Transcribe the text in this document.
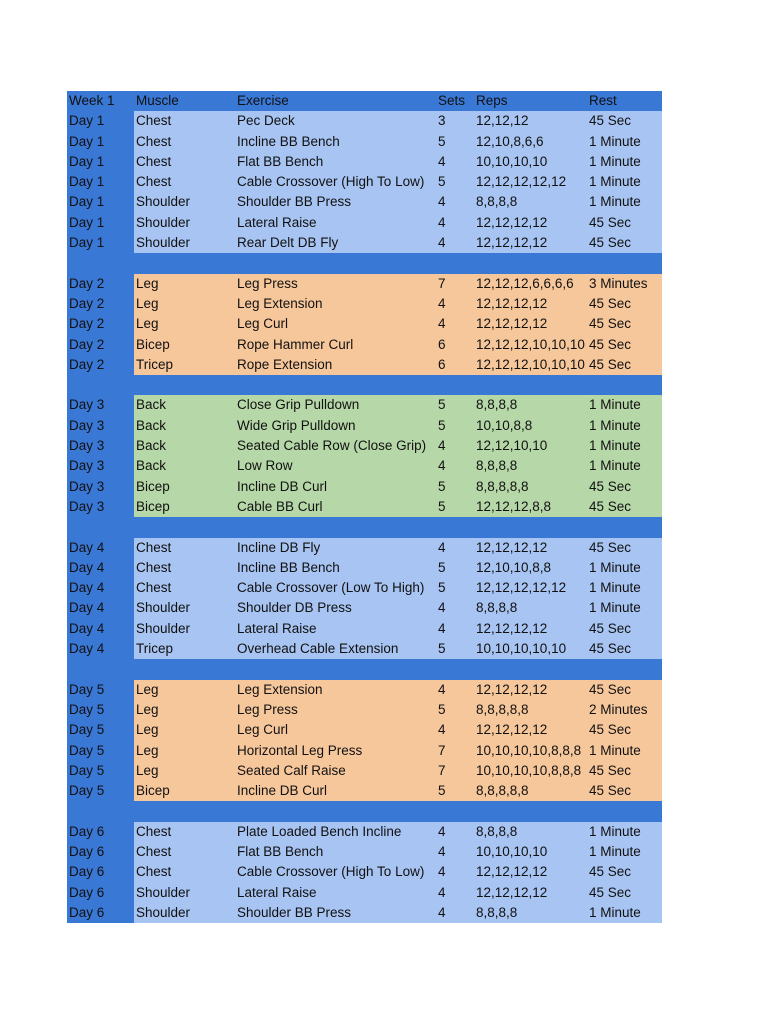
Week 1	Muscle	Exercise	Sets Reps	Rest
Day 1	Chest	Pec Deck	3	12,12,12	45 Sec
Day 1	Chest	Incline BB Bench	5	12,10,8,6,6	1 Minute
Day 1	Chest	Flat BB Bench	4	10,10,10,10	1 Minute
Day 1	Chest	Cable Crossover (High To Low)	5	12,12,12,12,12	1 Minute
Day 1	Shoulder	Shoulder BB Press	4	8,8,8,8	1 Minute
Day 1	Shoulder	Lateral Raise	4	12,12,12,12	45 Sec
Day 1	Shoulder	Rear Delt DB Fly	4	12,12,12,12	45 Sec
Day 2	Leg	Leg Press	7	12,12,12,6,6,6,6	3 Minutes
Day 2	Leg	Leg Extension	4	12,12,12,12	45 Sec
Day 2	Leg	Leg Curl	4	12,12,12,12	45 Sec
Day 2	Bicep	Rope Hammer Curl	6	12,12,12,10,10,10 45 Sec
Day 2	Tricep	Rope Extension	6	12,12,12,10,10,10 45 Sec
Day 3	Back	Close Grip Pulldown	5	8,8,8,8	1 Minute
Day 3	Back	Wide Grip Pulldown	5	10,10,8,8	1 Minute
Day 3	Back	Seated Cable Row (Close Grip) 4	12,12,10,10	1 Minute
Day 3	Back	Low Row	4	8,8,8,8	1 Minute
Day 3	Bicep	Incline DB Curl	5	8,8,8,8,8	45 Sec
Day 3	Bicep	Cable BB Curl	5	12,12,12,8,8	45 Sec
Day 4	Chest	Incline DB Fly	4	12,12,12,12	45 Sec
Day 4	Chest	Incline BB Bench	5	12,10,10,8,8	1 Minute
Day 4	Chest	Cable Crossover (Low To High)	5	12,12,12,12,12	1 Minute
Day 4	Shoulder	Shoulder DB Press	4	8,8,8,8	1 Minute
Day 4	Shoulder	Lateral Raise	4	12,12,12,12	45 Sec
Day 4	Tricep	Overhead Cable Extension	5	10,10,10,10,10	45 Sec
Day 5	Leg	Leg Extension	4	12,12,12,12	45 Sec
Day 5	Leg	Leg Press	5	8,8,8,8,8	2 Minutes
Day 5	Leg	Leg Curl	4	12,12,12,12	45 Sec
Day 5	Leg	Horizontal Leg Press	7	10,10,10,10,8,8,8 1 Minute
Day 5	Leg	Seated Calf Raise	7	10,10,10,10,8,8,8 45 Sec
Day 5	Bicep	Incline DB Curl	5	8,8,8,8,8	45 Sec
Day 6	Chest	Plate Loaded Bench Incline	4	8,8,8,8	1 Minute
Day 6	Chest	Flat BB Bench	4	10,10,10,10	1 Minute
Day 6	Chest	Cable Crossover (High To Low)	4	12,12,12,12	45 Sec
Day 6	Shoulder	Lateral Raise	4	12,12,12,12	45 Sec
Day 6	Shoulder	Shoulder BB Press	4	8,8,8,8	1 Minute
